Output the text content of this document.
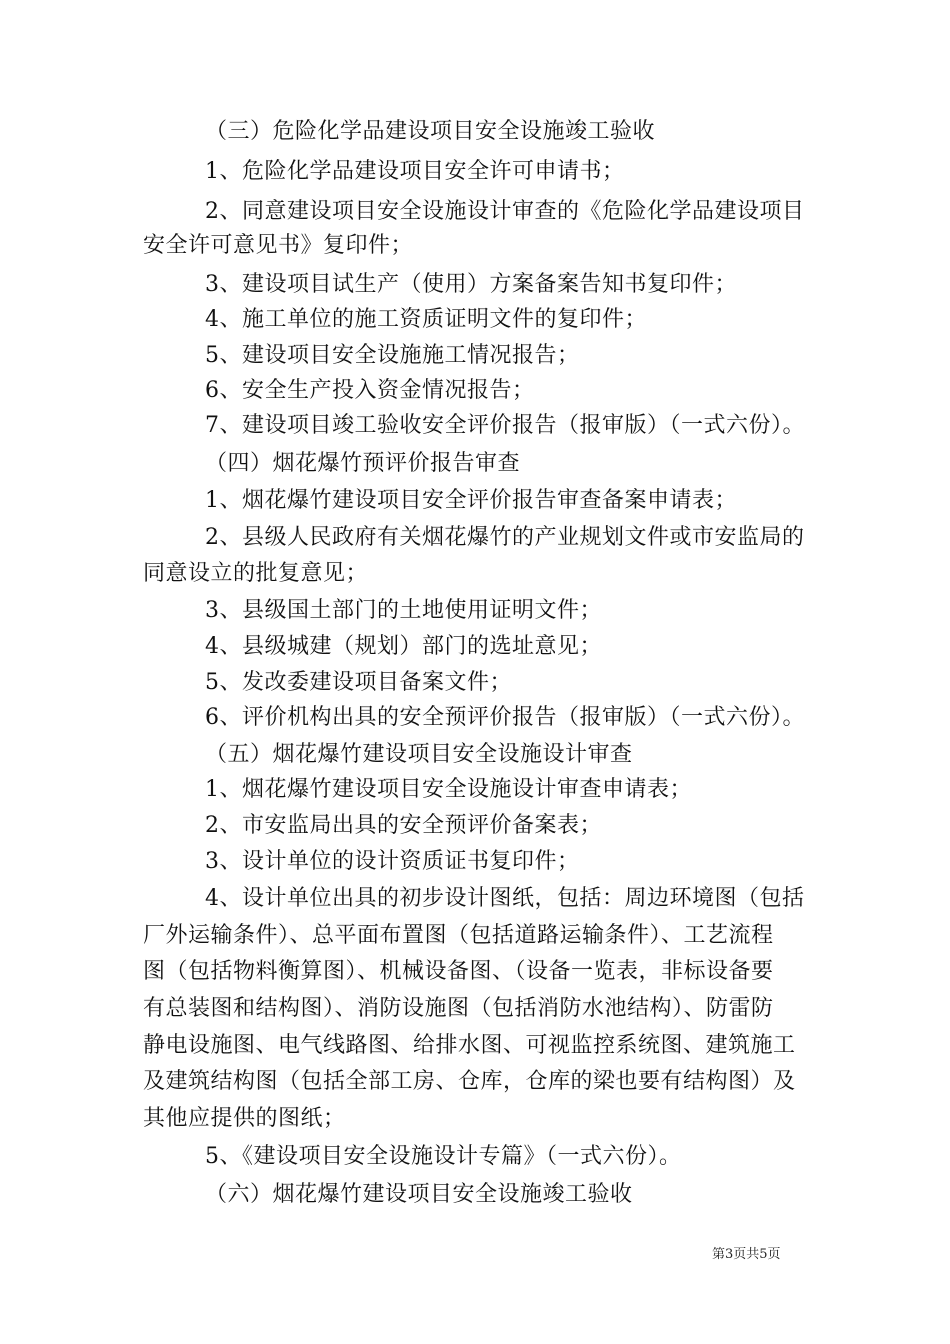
（三）危险化学品建设项目安全设施竣工验收
1、危险化学品建设项目安全许可申请书；
2、同意建设项目安全设施设计审查的《危险化学品建设项目
安全许可意见书》复印件；
3、建设项目试生产（使用）方案备案告知书复印件；
4、施工单位的施工资质证明文件的复印件；
5、建设项目安全设施施工情况报告；
6、安全生产投入资金情况报告；
7、建设项目竣工验收安全评价报告（报审版）（一式六份）。
（四）烟花爆竹预评价报告审查
1、烟花爆竹建设项目安全评价报告审查备案申请表；
2、县级人民政府有关烟花爆竹的产业规划文件或市安监局的
同意设立的批复意见；
3、县级国土部门的土地使用证明文件；
4、县级城建（规划）部门的选址意见；
5、发改委建设项目备案文件；
6、评价机构出具的安全预评价报告（报审版）（一式六份）。
（五）烟花爆竹建设项目安全设施设计审查
1、烟花爆竹建设项目安全设施设计审查申请表；
2、市安监局出具的安全预评价备案表；
3、设计单位的设计资质证书复印件；
4、设计单位出具的初步设计图纸，包括：周边环境图（包括
厂外运输条件）、总平面布置图（包括道路运输条件）、工艺流程
图（包括物料衡算图）、机械设备图、（设备一览表，非标设备要
有总装图和结构图）、消防设施图（包括消防水池结构）、防雷防
静电设施图、电气线路图、给排水图、可视监控系统图、建筑施工
及建筑结构图（包括全部工房、仓库，仓库的梁也要有结构图）及
其他应提供的图纸；
5、《建设项目安全设施设计专篇》（一式六份）。
（六）烟花爆竹建设项目安全设施竣工验收
第3页共5页
